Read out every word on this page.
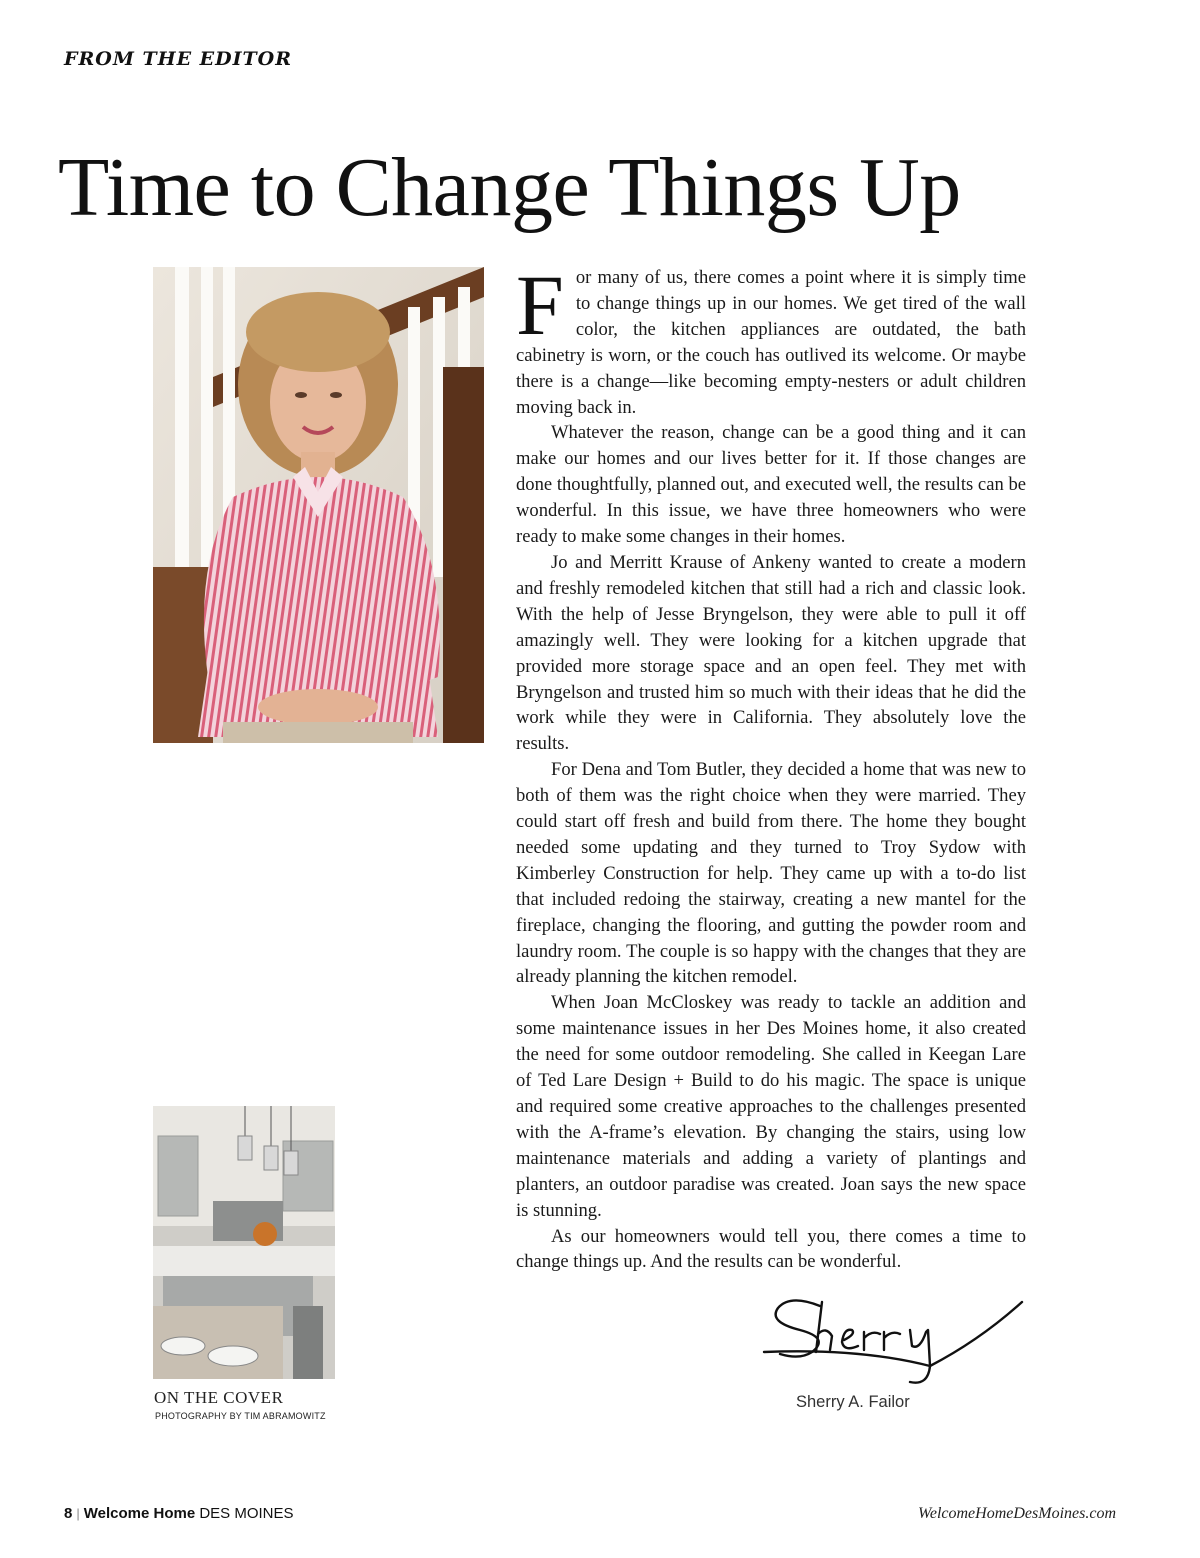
FROM THE EDITOR
Time to Change Things Up
ON THE COVER
PHOTOGRAPHY BY TIM ABRAMOWITZ

For many of us, there comes a point where it is simply time to change things up in our homes. We get tired of the wall color, the kitchen appliances are outdated, the bath cabinetry is worn, or the couch has outlived its welcome. Or maybe there is a change—like becoming empty-nesters or adult children moving back in.

Whatever the reason, change can be a good thing and it can make our homes and our lives better for it. If those changes are done thoughtfully, planned out, and executed well, the results can be wonderful. In this issue, we have three homeowners who were ready to make some changes in their homes.

Jo and Merritt Krause of Ankeny wanted to create a modern and freshly remodeled kitchen that still had a rich and classic look. With the help of Jesse Bryngelson, they were able to pull it off amazingly well. They were looking for a kitchen upgrade that provided more storage space and an open feel. They met with Bryngelson and trusted him so much with their ideas that he did the work while they were in California. They absolutely love the results.

For Dena and Tom Butler, they decided a home that was new to both of them was the right choice when they were married. They could start off fresh and build from there. The home they bought needed some updating and they turned to Troy Sydow with Kimberley Construction for help. They came up with a to-do list that included redoing the stairway, creating a new mantel for the fireplace, changing the flooring, and gutting the powder room and laundry room. The couple is so happy with the changes that they are already planning the kitchen remodel.

When Joan McCloskey was ready to tackle an addition and some maintenance issues in her Des Moines home, it also created the need for some outdoor remodeling. She called in Keegan Lare of Ted Lare Design + Build to do his magic. The space is unique and required some creative approaches to the challenges presented with the A-frame’s elevation. By changing the stairs, using low maintenance materials and adding a variety of plantings and planters, an outdoor paradise was created. Joan says the new space is stunning.

As our homeowners would tell you, there comes a time to change things up. And the results can be wonderful.

Sherry A. Failor
8 | Welcome Home DES MOINES	WelcomeHomeDesMoines.com
